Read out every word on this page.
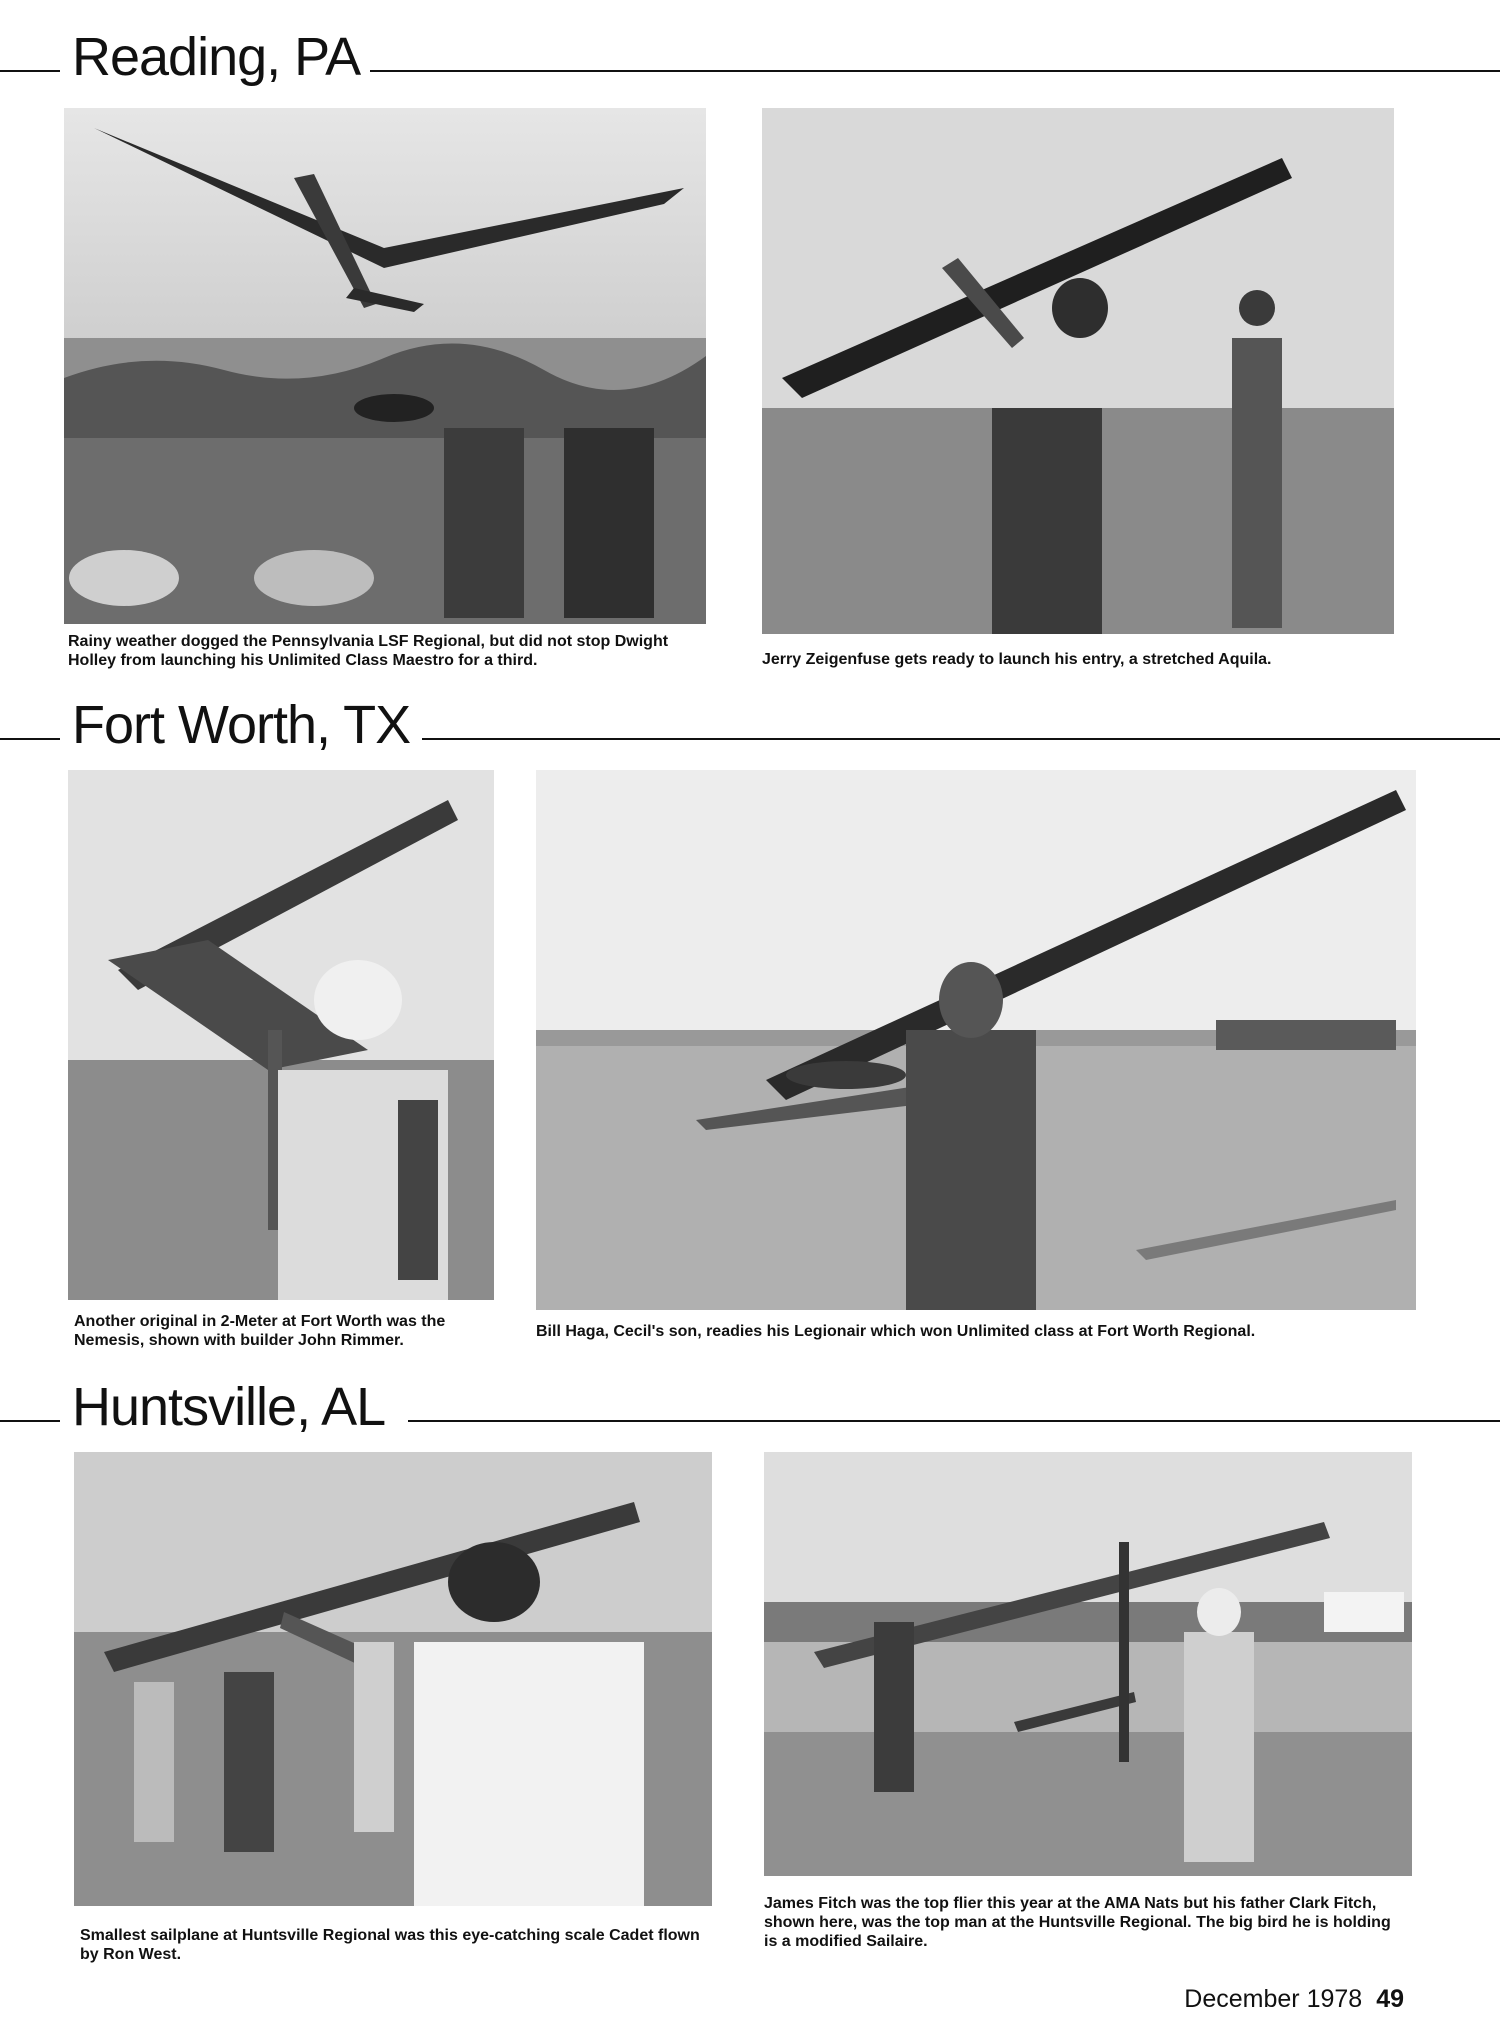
Reading, PA
Rainy weather dogged the Pennsylvania LSF Regional, but did not stop Dwight Holley from launching his Unlimited Class Maestro for a third.	Jerry Zeigenfuse gets ready to launch his entry, a stretched Aquila.
Fort Worth, TX
Another original in 2-Meter at Fort Worth was the Nemesis, shown with builder John Rimmer.
Bill Haga, Cecil's son, readies his Legionair which won Unlimited class at Fort Worth Regional.
Huntsville, AL
Smallest sailplane at Huntsville Regional was this eye-catching scale Cadet flown by Ron West.
James Fitch was the top flier this year at the AMA Nats but his father Clark Fitch, shown here, was the top man at the Huntsville Regional. The big bird he is holding is a modified Sailaire.
December 1978 49
